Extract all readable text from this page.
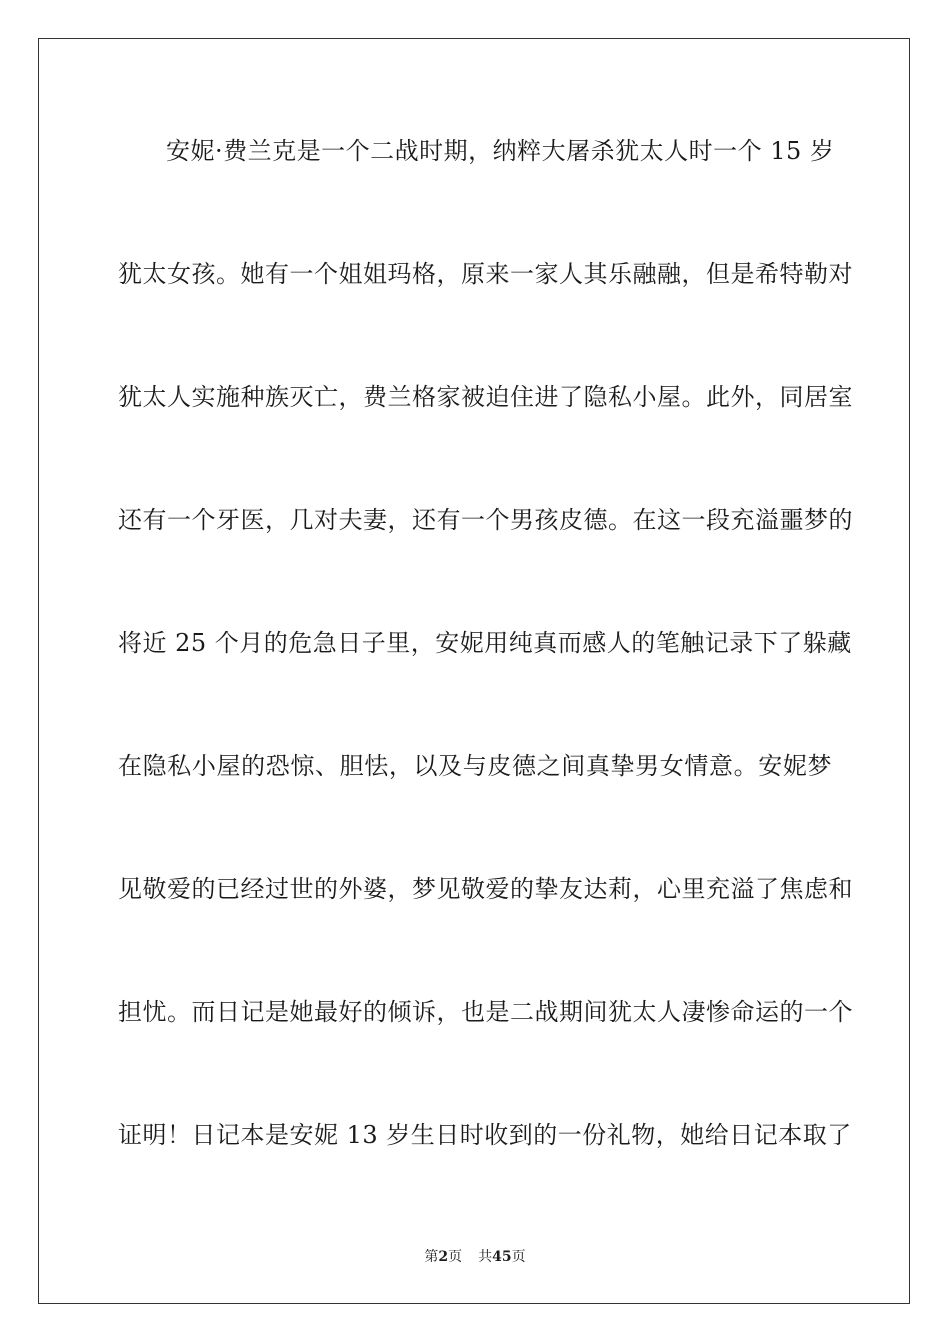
安妮·费兰克是一个二战时期，纳粹大屠杀犹太人时一个 15 岁
犹太女孩。她有一个姐姐玛格，原来一家人其乐融融，但是希特勒对
犹太人实施种族灭亡，费兰格家被迫住进了隐私小屋。此外，同居室
还有一个牙医，几对夫妻，还有一个男孩皮德。在这一段充溢噩梦的
将近 25 个月的危急日子里，安妮用纯真而感人的笔触记录下了躲藏
在隐私小屋的恐惊、胆怯，以及与皮德之间真挚男女情意。安妮梦
见敬爱的已经过世的外婆，梦见敬爱的挚友达莉，心里充溢了焦虑和
担忧。而日记是她最好的倾诉，也是二战期间犹太人凄惨命运的一个
证明！日记本是安妮 13 岁生日时收到的一份礼物，她给日记本取了
第2页 共45页
